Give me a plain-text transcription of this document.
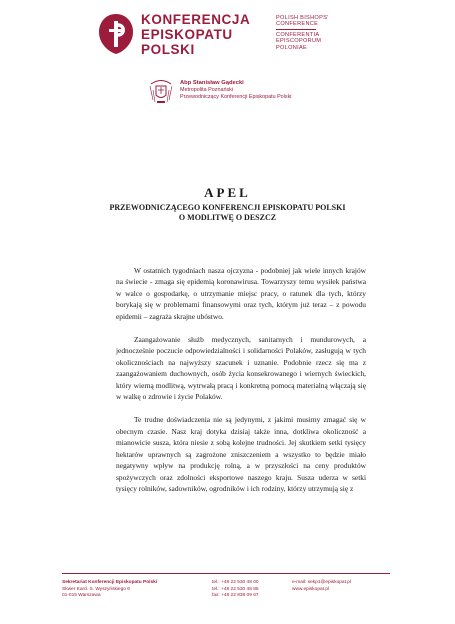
KONFERENCJA
EPISKOPATU
POLSKI
POLISH BISHOPS'
CONFERENCE
CONFERENTIA
EPISCOPORUM
POLONIAE
Abp Stanisław Gądecki
Metropolita Poznański
Przewodniczący Konferencji Episkopatu Polski
APEL
PRZEWODNICZĄCEGO KONFERENCJI EPISKOPATU POLSKI
O MODLITWĘ O DESZCZ

W ostatnich tygodniach nasza ojczyzna - podobniej jak wiele innych krajów na świecie - zmaga się epidemią koronawirusa. Towarzyszy temu wysiłek państwa w walce o gospodarkę, o utrzymanie miejsc pracy, o ratunek dla tych, którzy borykają się w problemami finansowymi oraz tych, którym już teraz – z powodu epidemii – zagraża skrajne ubóstwo.

Zaangażowanie służb medycznych, sanitarnych i mundurowych, a jednocześnie poczucie odpowiedzialności i solidarności Polaków, zasługują w tych okolicznościach na najwyższy szacunek i uznanie. Podobnie rzecz się ma z zaangażowaniem duchownych, osób życia konsekrowanego i wiernych świeckich, który wierną modlitwą, wytrwałą pracą i konkretną pomocą materialną włączają się w walkę o zdrowie i życie Polaków.

Te trudne doświadczenia nie są jedynymi, z jakimi musimy zmagać się w obecnym czasie. Nasz kraj dotyka dzisiaj także inna, dotkliwa okoliczność a mianowicie susza, która niesie z sobą kolejne trudności. Jej skutkiem setki tysięcy hektarów uprawnych są zagrożone zniszczeniem a wszystko to będzie miało negatywny wpływ na produkcję rolną, a w przyszłości na ceny produktów spożywczych oraz zdolności eksportowe naszego kraju. Susza uderza w setki tysięcy rolników, sadowników, ogrodników i ich rodziny, którzy utrzymują się z

Sekretariat Konferencji Episkopatu Polski
Skwer Kard. S. Wyszyńskiego 6
01-015 Warszawa
tel.: +48 22 530 48 00
tel.: +48 22 530 48 85
fax: +48 22 838 09 67
e-mail: sekp1@episkopat.pl
www.episkopat.pl
